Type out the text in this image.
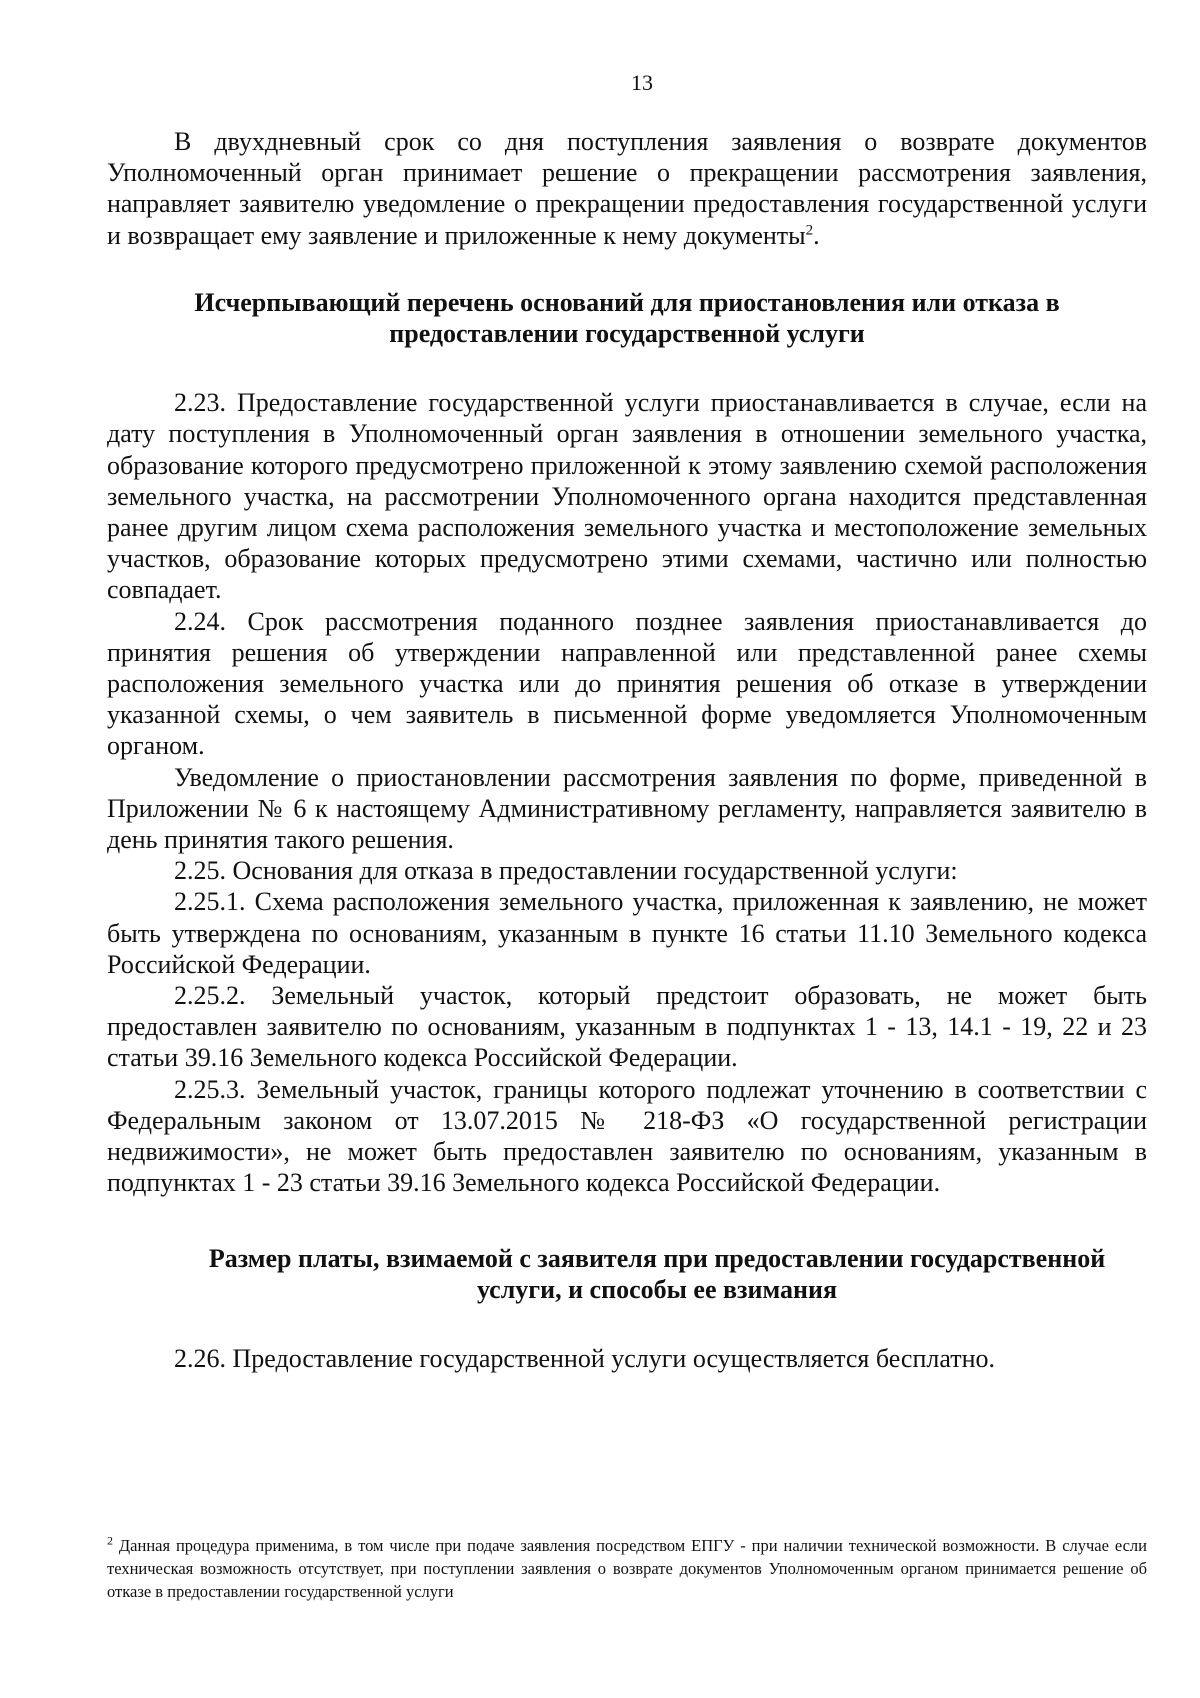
13

В двухдневный срок со дня поступления заявления о возврате документов Уполномоченный орган принимает решение о прекращении рассмотрения заявления, направляет заявителю уведомление о прекращении предоставления государственной услуги и возвращает ему заявление и приложенные к нему документы$^2$.

Исчерпывающий перечень оснований для приостановления или отказа в предоставлении государственной услуги

2.23. Предоставление государственной услуги приостанавливается в случае, если на дату поступления в Уполномоченный орган заявления в отношении земельного участка, образование которого предусмотрено приложенной к этому заявлению схемой расположения земельного участка, на рассмотрении Уполномоченного органа находится представленная ранее другим лицом схема расположения земельного участка и местоположение земельных участков, образование которых предусмотрено этими схемами, частично или полностью совпадает.

2.24. Срок рассмотрения поданного позднее заявления приостанавливается до принятия решения об утверждении направленной или представленной ранее схемы расположения земельного участка или до принятия решения об отказе в утверждении указанной схемы, о чем заявитель в письменной форме уведомляется Уполномоченным органом.

Уведомление о приостановлении рассмотрения заявления по форме, приведенной в Приложении № 6 к настоящему Административному регламенту, направляется заявителю в день принятия такого решения.

2.25. Основания для отказа в предоставлении государственной услуги:

2.25.1. Схема расположения земельного участка, приложенная к заявлению, не может быть утверждена по основаниям, указанным в пункте 16 статьи 11.10 Земельного кодекса Российской Федерации.

2.25.2. Земельный участок, который предстоит образовать, не может быть предоставлен заявителю по основаниям, указанным в подпунктах 1 - 13, 14.1 - 19, 22 и 23 статьи 39.16 Земельного кодекса Российской Федерации.

2.25.3. Земельный участок, границы которого подлежат уточнению в соответствии с Федеральным законом от 13.07.2015 № 218-ФЗ «О государственной регистрации недвижимости», не может быть предоставлен заявителю по основаниям, указанным в подпунктах 1 - 23 статьи 39.16 Земельного кодекса Российской Федерации.

Размер платы, взимаемой с заявителя при предоставлении государственной услуги, и способы ее взимания

2.26. Предоставление государственной услуги осуществляется бесплатно.

$^2$ Данная процедура применима, в том числе при подаче заявления посредством ЕПГУ - при наличии технической возможности. В случае если техническая возможность отсутствует, при поступлении заявления о возврате документов Уполномоченным органом принимается решение об отказе в предоставлении государственной услуги
